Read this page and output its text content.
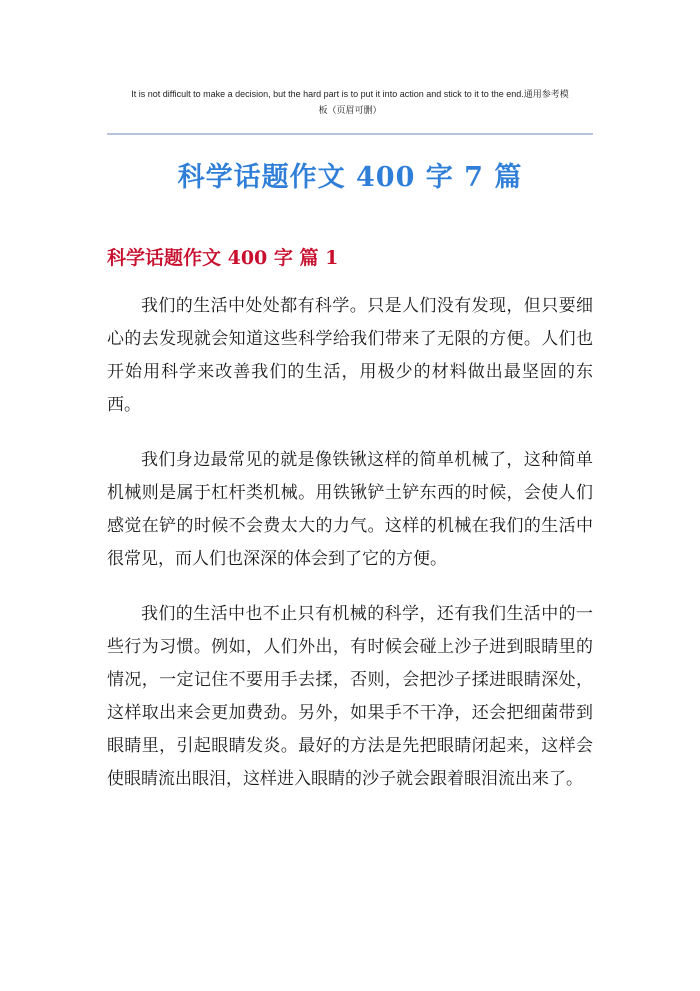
It is not difficult to make a decision, but the hard part is to put it into action and stick to it to the end.通用参考模
板（页眉可删）
科学话题作文 400 字 7 篇
科学话题作文 400 字 篇 1

我们的生活中处处都有科学。只是人们没有发现，但只要细心的去发现就会知道这些科学给我们带来了无限的方便。人们也开始用科学来改善我们的生活，用极少的材料做出最坚固的东西。

我们身边最常见的就是像铁锹这样的简单机械了，这种简单机械则是属于杠杆类机械。用铁锹铲土铲东西的时候，会使人们感觉在铲的时候不会费太大的力气。这样的机械在我们的生活中很常见，而人们也深深的体会到了它的方便。

我们的生活中也不止只有机械的科学，还有我们生活中的一些行为习惯。例如，人们外出，有时候会碰上沙子进到眼睛里的情况，一定记住不要用手去揉，否则，会把沙子揉进眼睛深处，这样取出来会更加费劲。另外，如果手不干净，还会把细菌带到眼睛里，引起眼睛发炎。最好的方法是先把眼睛闭起来，这样会使眼睛流出眼泪，这样进入眼睛的沙子就会跟着眼泪流出来了。
